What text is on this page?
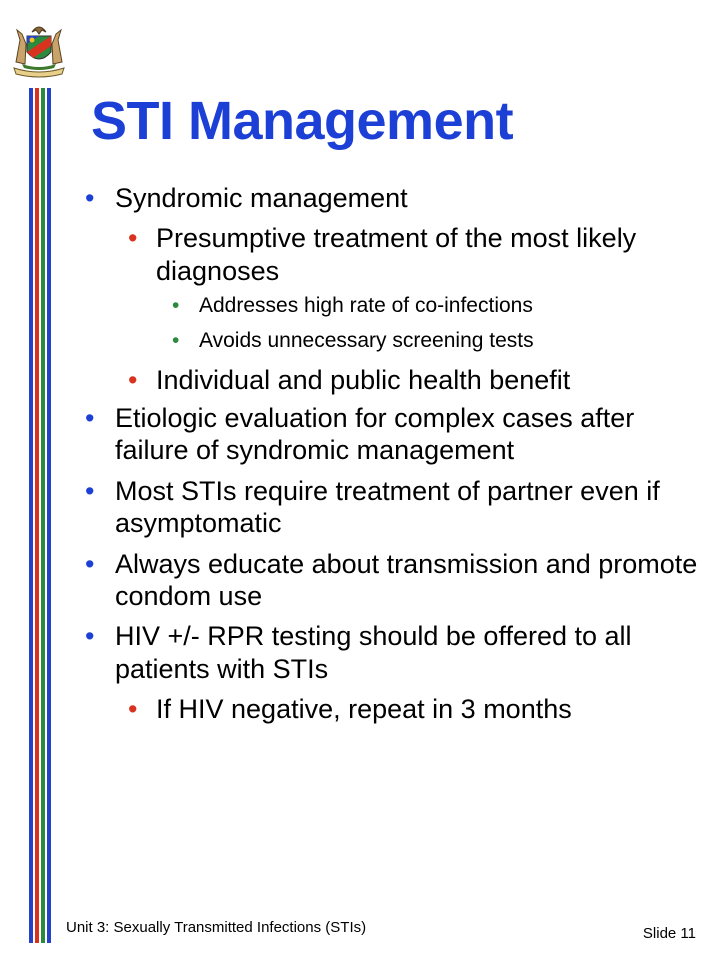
STI Management
• Syndromic management
• Presumptive treatment of the most likely diagnoses
• Addresses high rate of co-infections
• Avoids unnecessary screening tests
• Individual and public health benefit
• Etiologic evaluation for complex cases after failure of syndromic management
• Most STIs require treatment of partner even if asymptomatic
• Always educate about transmission and promote condom use
• HIV +/- RPR testing should be offered to all patients with STIs
• If HIV negative, repeat in 3 months
Unit 3: Sexually Transmitted Infections (STIs)	Slide 11
